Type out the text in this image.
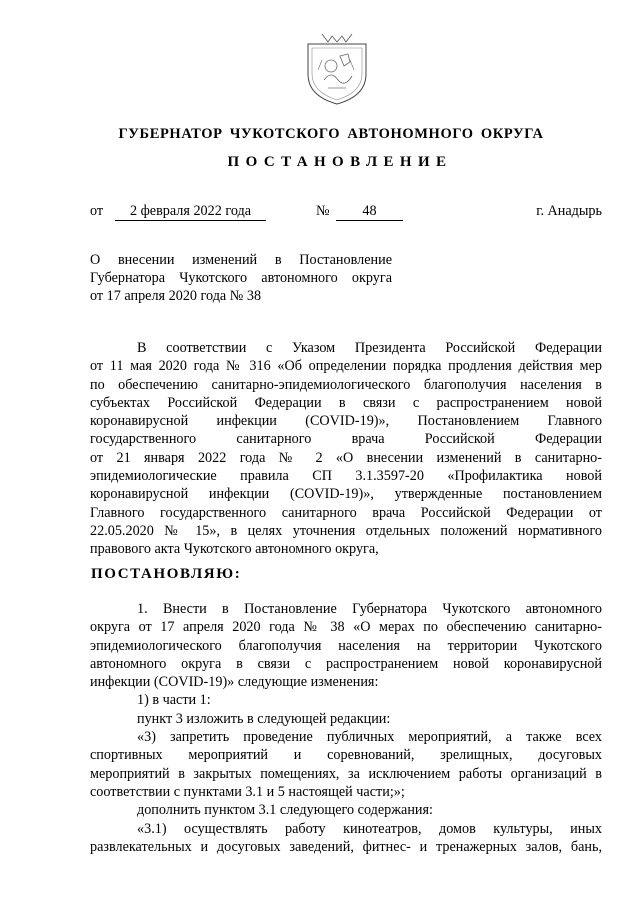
ГУБЕРНАТОР ЧУКОТСКОГО АВТОНОМНОГО ОКРУГА
ПОСТАНОВЛЕНИЕ
от	2 февраля 2022 года	№	48	г. Анадырь
О внесении изменений в Постановление
Губернатора Чукотского автономного округа
от 17 апреля 2020 года № 38
В соответствии с Указом Президента Российской Федерации
от 11 мая 2020 года № 316 «Об определении порядка продления действия мер
по обеспечению санитарно-эпидемиологического благополучия населения в
субъектах Российской Федерации в связи с распространением новой
коронавирусной инфекции (COVID-19)», Постановлением Главного
государственного санитарного врача Российской Федерации
от 21 января 2022 года № 2 «О внесении изменений в санитарно-
эпидемиологические правила СП 3.1.3597-20 «Профилактика новой
коронавирусной инфекции (COVID-19)», утвержденные постановлением
Главного государственного санитарного врача Российской Федерации от
22.05.2020 № 15», в целях уточнения отдельных положений нормативного
правового акта Чукотского автономного округа,
ПОСТАНОВЛЯЮ:
1. Внести в Постановление Губернатора Чукотского автономного
округа от 17 апреля 2020 года № 38 «О мерах по обеспечению санитарно-
эпидемиологического благополучия населения на территории Чукотского
автономного округа в связи с распространением новой коронавирусной
инфекции (COVID-19)» следующие изменения:
1) в части 1:
пункт 3 изложить в следующей редакции:
«3) запретить проведение публичных мероприятий, а также всех
спортивных мероприятий и соревнований, зрелищных, досуговых
мероприятий в закрытых помещениях, за исключением работы организаций в
соответствии с пунктами 3.1 и 5 настоящей части;»;
дополнить пунктом 3.1 следующего содержания:
«3.1) осуществлять работу кинотеатров, домов культуры, иных
развлекательных и досуговых заведений, фитнес- и тренажерных залов, бань,
